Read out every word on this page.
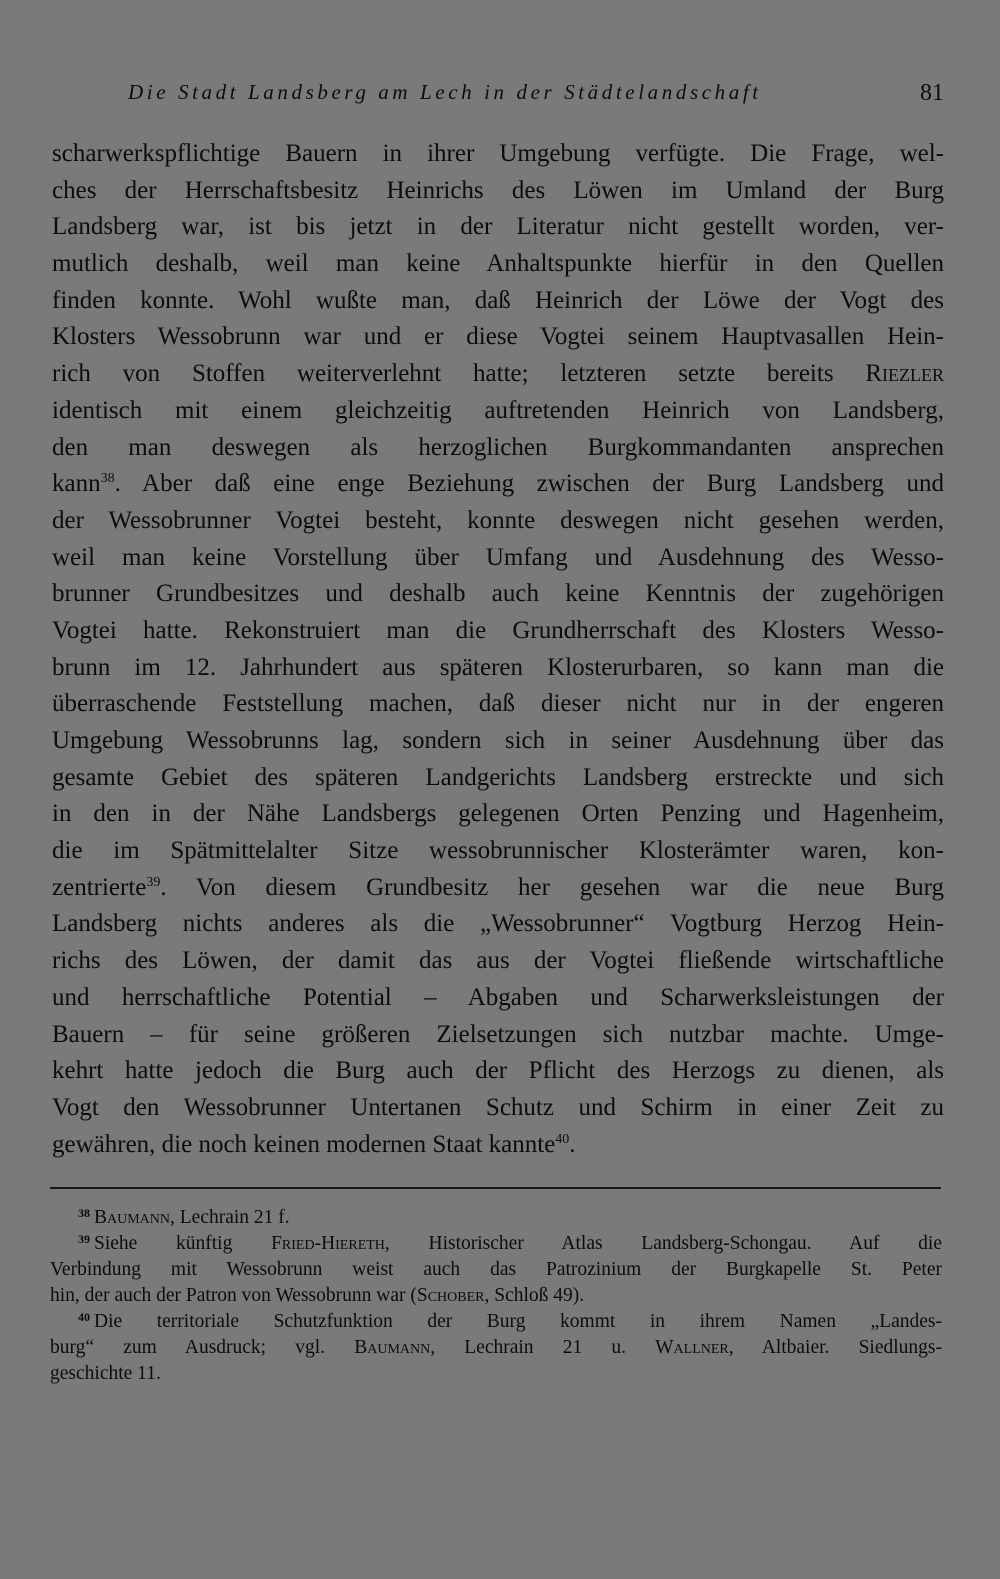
Die Stadt Landsberg am Lech in der Städtelandschaft	81
scharwerkspflichtige Bauern in ihrer Umgebung verfügte. Die Frage, wel-
ches der Herrschaftsbesitz Heinrichs des Löwen im Umland der Burg
Landsberg war, ist bis jetzt in der Literatur nicht gestellt worden, ver-
mutlich deshalb, weil man keine Anhaltspunkte hierfür in den Quellen
finden konnte. Wohl wußte man, daß Heinrich der Löwe der Vogt des
Klosters Wessobrunn war und er diese Vogtei seinem Hauptvasallen Hein-
rich von Stoffen weiterverlehnt hatte; letzteren setzte bereits Riezler
identisch mit einem gleichzeitig auftretenden Heinrich von Landsberg,
den man deswegen als herzoglichen Burgkommandanten ansprechen
kann$^{38}$. Aber daß eine enge Beziehung zwischen der Burg Landsberg und
der Wessobrunner Vogtei besteht, konnte deswegen nicht gesehen werden,
weil man keine Vorstellung über Umfang und Ausdehnung des Wesso-
brunner Grundbesitzes und deshalb auch keine Kenntnis der zugehörigen
Vogtei hatte. Rekonstruiert man die Grundherrschaft des Klosters Wesso-
brunn im 12. Jahrhundert aus späteren Klosterurbaren, so kann man die
überraschende Feststellung machen, daß dieser nicht nur in der engeren
Umgebung Wessobrunns lag, sondern sich in seiner Ausdehnung über das
gesamte Gebiet des späteren Landgerichts Landsberg erstreckte und sich
in den in der Nähe Landsbergs gelegenen Orten Penzing und Hagenheim,
die im Spätmittelalter Sitze wessobrunnischer Klosterämter waren, kon-
zentrierte$^{39}$. Von diesem Grundbesitz her gesehen war die neue Burg
Landsberg nichts anderes als die „Wessobrunner“ Vogtburg Herzog Hein-
richs des Löwen, der damit das aus der Vogtei fließende wirtschaftliche
und herrschaftliche Potential – Abgaben und Scharwerksleistungen der
Bauern – für seine größeren Zielsetzungen sich nutzbar machte. Umge-
kehrt hatte jedoch die Burg auch der Pflicht des Herzogs zu dienen, als
Vogt den Wessobrunner Untertanen Schutz und Schirm in einer Zeit zu
gewähren, die noch keinen modernen Staat kannte$^{40}$.
$^{38}$ Baumann, Lechrain 21 f.
$^{39}$ Siehe künftig Fried-Hiereth, Historischer Atlas Landsberg-Schongau. Auf die
Verbindung mit Wessobrunn weist auch das Patrozinium der Burgkapelle St. Peter
hin, der auch der Patron von Wessobrunn war (Schober, Schloß 49).
$^{40}$ Die territoriale Schutzfunktion der Burg kommt in ihrem Namen „Landes-
burg“ zum Ausdruck; vgl. Baumann, Lechrain 21 u. Wallner, Altbaier. Siedlungs-
geschichte 11.
